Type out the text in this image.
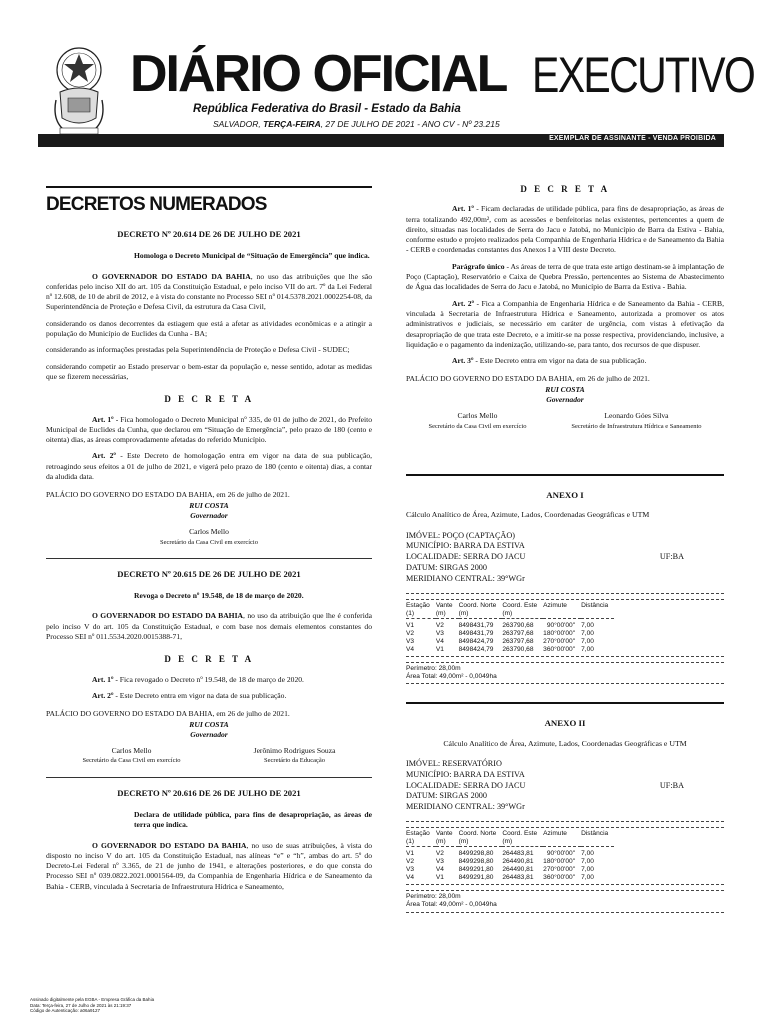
DIÁRIO OFICIAL EXECUTIVO
República Federativa do Brasil - Estado da Bahia
SALVADOR, TERÇA-FEIRA, 27 DE JULHO DE 2021 - ANO CV - Nº 23.215
EXEMPLAR DE ASSINANTE - VENDA PROIBIDA
DECRETOS NUMERADOS
DECRETO Nº 20.614 DE 26 DE JULHO DE 2021
Homologa o Decreto Municipal de “Situação de Emergência” que indica.

O GOVERNADOR DO ESTADO DA BAHIA, no uso das atribuições que lhe são conferidas pelo inciso XII do art. 105 da Constituição Estadual, e pelo inciso VII do art. 7º da Lei Federal nº 12.608, de 10 de abril de 2012, e à vista do constante no Processo SEI nº 014.5378.2021.0002254-08, da Superintendência de Proteção e Defesa Civil, da estrutura da Casa Civil,

considerando os danos decorrentes da estiagem que está a afetar as atividades econômicas e a atingir a população do Município de Euclides da Cunha - BA;

considerando as informações prestadas pela Superintendência de Proteção e Defesa Civil - SUDEC;

considerando competir ao Estado preservar o bem-estar da população e, nesse sentido, adotar as medidas que se fizerem necessárias,

D E C R E T A

Art. 1º - Fica homologado o Decreto Municipal nº 335, de 01 de julho de 2021, do Prefeito Municipal de Euclides da Cunha, que declarou em “Situação de Emergência”, pelo prazo de 180 (cento e oitenta) dias, as áreas comprovadamente afetadas do referido Município.

Art. 2º - Este Decreto de homologação entra em vigor na data de sua publicação, retroagindo seus efeitos a 01 de julho de 2021, e vigerá pelo prazo de 180 (cento e oitenta) dias, a contar da aludida data.

PALÁCIO DO GOVERNO DO ESTADO DA BAHIA, em 26 de julho de 2021.

RUI COSTA
Governador
Carlos Mello
Secretário da Casa Civil em exercício
DECRETO Nº 20.615 DE 26 DE JULHO DE 2021
Revoga o Decreto nº 19.548, de 18 de março de 2020.

O GOVERNADOR DO ESTADO DA BAHIA, no uso da atribuição que lhe é conferida pelo inciso V do art. 105 da Constituição Estadual, e com base nos demais elementos constantes do Processo SEI nº 011.5534.2020.0015388-71,

D E C R E T A

Art. 1º - Fica revogado o Decreto nº 19.548, de 18 de março de 2020.

Art. 2º - Este Decreto entra em vigor na data de sua publicação.

PALÁCIO DO GOVERNO DO ESTADO DA BAHIA, em 26 de julho de 2021.

RUI COSTA
Governador
Carlos Mello
Secretário da Casa Civil em exercício
Jerônimo Rodrigues Souza
Secretário da Educação
DECRETO Nº 20.616 DE 26 DE JULHO DE 2021
Declara de utilidade pública, para fins de desapropriação, as áreas de terra que indica.

O GOVERNADOR DO ESTADO DA BAHIA, no uso de suas atribuições, à vista do disposto no inciso V do art. 105 da Constituição Estadual, nas alíneas “e” e “h”, ambas do art. 5º do Decreto-Lei Federal nº 3.365, de 21 de junho de 1941, e alterações posteriores, e do que consta do Processo SEI nº 039.0822.2021.0001564-09, da Companhia de Engenharia Hídrica e de Saneamento da Bahia - CERB, vinculada à Secretaria de Infraestrutura Hídrica e Saneamento,

D E C R E T A

Art. 1º - Ficam declaradas de utilidade pública, para fins de desapropriação, as áreas de terra totalizando 492,00m², com as acessões e benfeitorias nelas existentes, pertencentes a quem de direito, situadas nas localidades de Serra do Jacu e Jatobá, no Município de Barra da Estiva - Bahia, conforme estudo e projeto realizados pela Companhia de Engenharia Hídrica e de Saneamento da Bahia - CERB e coordenadas constantes dos Anexos I a VIII deste Decreto.

Parágrafo único - As áreas de terra de que trata este artigo destinam-se à implantação de Poço (Captação), Reservatório e Caixa de Quebra Pressão, pertencentes ao Sistema de Abastecimento de Água das localidades de Serra do Jacu e Jatobá, no Município de Barra da Estiva - Bahia.

Art. 2º - Fica a Companhia de Engenharia Hídrica e de Saneamento da Bahia - CERB, vinculada à Secretaria de Infraestrutura Hídrica e Saneamento, autorizada a promover os atos administrativos e judiciais, se necessário em caráter de urgência, com vistas à efetivação da desapropriação de que trata este Decreto, e a imitir-se na posse respectiva, providenciando, inclusive, a liquidação e o pagamento da indenização, utilizando-se, para tanto, dos recursos de que dispuser.

Art. 3º - Este Decreto entra em vigor na data de sua publicação.

PALÁCIO DO GOVERNO DO ESTADO DA BAHIA, em 26 de julho de 2021.

RUI COSTA
Governador
Carlos Mello
Secretário da Casa Civil em exercício
Leonardo Góes Silva
Secretário de Infraestrutura Hídrica e Saneamento
ANEXO I
Cálculo Analítico de Área, Azimute, Lados, Coordenadas Geográficas e UTM
IMÓVEL: POÇO (CAPTAÇÃO)
MUNICÍPIO: BARRA DA ESTIVA
LOCALIDADE: SERRA DO JACU	UF:BA
DATUM: SIRGAS 2000
MERIDIANO CENTRAL: 39°WGr
Estação	Vante	Coord. Norte	Coord. Este	Azimute	Distância
(1)	(m)	(m)	(m)		

V1	V2	8498431,79	263790,68	90°00'00"	7,00
V2	V3	8498431,79	263797,68	180°00'00"	7,00
V3	V4	8498424,79	263797,68	270°00'00"	7,00
V4	V1	8498424,79	263790,68	360°00'00"	7,00
Perímetro: 28,00m
Área Total: 49,00m² - 0,0049ha
ANEXO II
Cálculo Analítico de Área, Azimute, Lados, Coordenadas Geográficas e UTM
IMÓVEL: RESERVATÓRIO
MUNICÍPIO: BARRA DA ESTIVA
LOCALIDADE: SERRA DO JACU	UF:BA
DATUM: SIRGAS 2000
MERIDIANO CENTRAL: 39°WGr
Estação	Vante	Coord. Norte	Coord. Este	Azimute	Distância
(1)	(m)	(m)	(m)		

V1	V2	8499298,80	264483,81	90°00'00"	7,00
V2	V3	8499298,80	264490,81	180°00'00"	7,00
V3	V4	8499291,80	264490,81	270°00'00"	7,00
V4	V1	8499291,80	264483,81	360°00'00"	7,00
Perímetro: 28,00m
Área Total: 49,00m² - 0,0049ha
Assinado digitalmente pela EGBA - Empresa Gráfica da Bahia
Data: Terça-feira, 27 de Julho de 2021 às 21:19:37
Código de Autenticação: a06a9127
